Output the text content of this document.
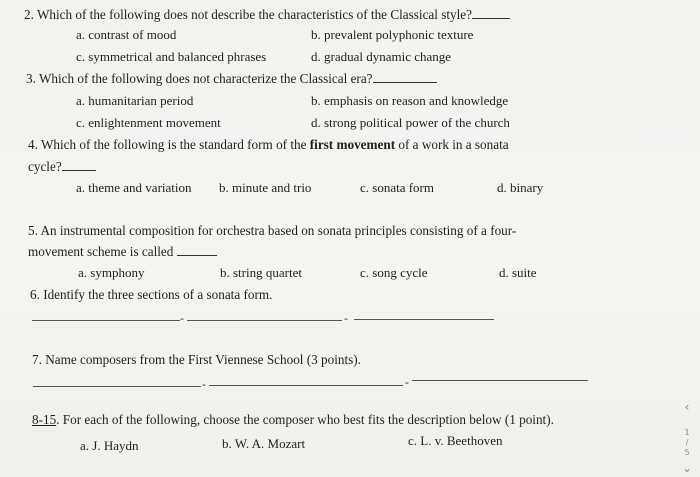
2. Which of the following does not describe the characteristics of the Classical style?
a. contrast of mood	b. prevalent polyphonic texture
c. symmetrical and balanced phrases	d. gradual dynamic change
3. Which of the following does not characterize the Classical era?
a. humanitarian period	b. emphasis on reason and knowledge
c. enlightenment movement	d. strong political power of the church
4. Which of the following is the standard form of the first movement of a work in a sonata
cycle?
a. theme and variation b. minute and trio	c. sonata form	d. binary
5. An instrumental composition for orchestra based on sonata principles consisting of a four-
movement scheme is called
a. symphony	b. string quartet	c. song cycle	d. suite
6. Identify the three sections of a sonata form.
-	-
7. Name composers from the First Viennese School (3 points).
-	-
8-15. For each of the following, choose the composer who best fits the description below (1 point).
a. J. Haydn	b. W. A. Mozart	c. L. v. Beethoven
‹
1
/
5
⌄
